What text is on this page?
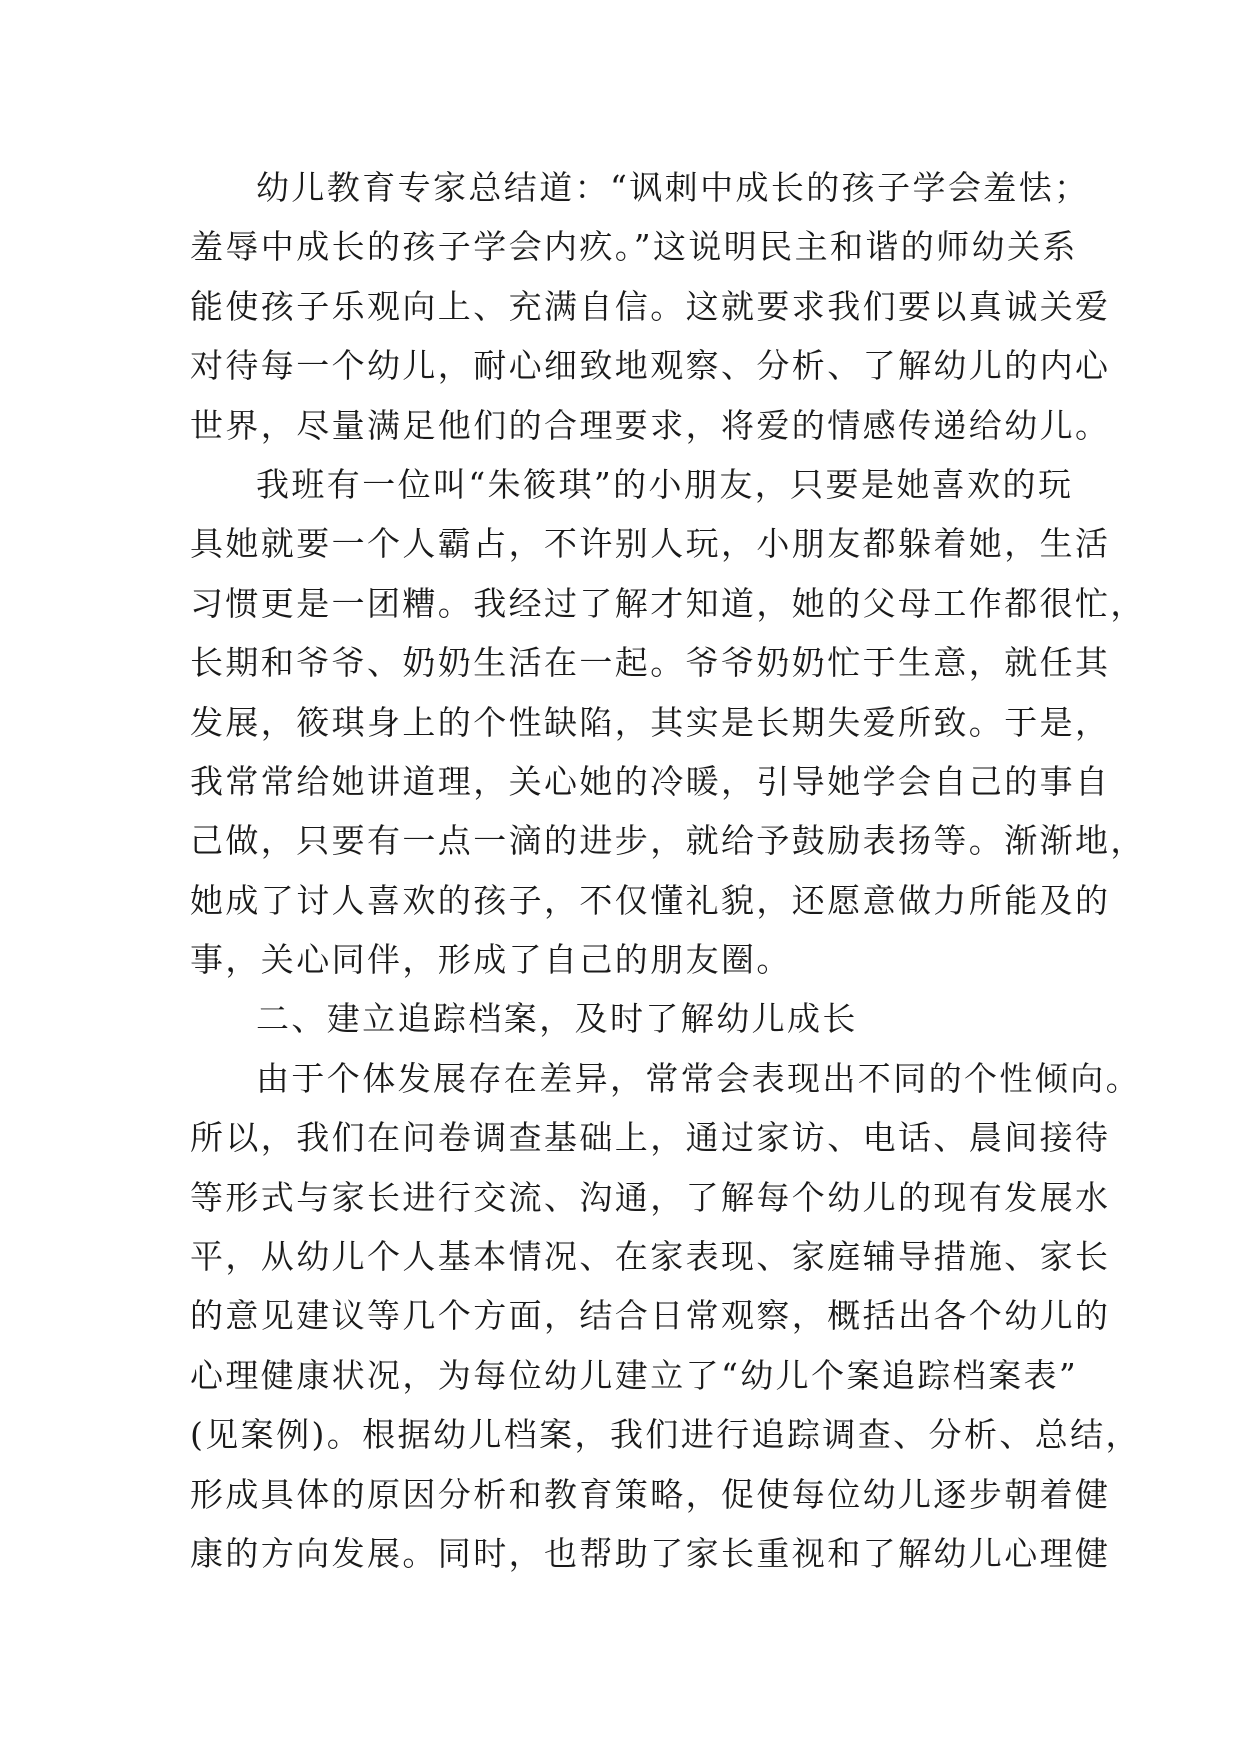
幼儿教育专家总结道：“讽刺中成长的孩子学会羞怯；
羞辱中成长的孩子学会内疚。”这说明民主和谐的师幼关系
能使孩子乐观向上、充满自信。这就要求我们要以真诚关爱
对待每一个幼儿，耐心细致地观察、分析、了解幼儿的内心
世界，尽量满足他们的合理要求，将爱的情感传递给幼儿。
我班有一位叫“朱筱琪”的小朋友，只要是她喜欢的玩
具她就要一个人霸占，不许别人玩，小朋友都躲着她，生活
习惯更是一团糟。我经过了解才知道，她的父母工作都很忙，
长期和爷爷、奶奶生活在一起。爷爷奶奶忙于生意，就任其
发展，筱琪身上的个性缺陷，其实是长期失爱所致。于是，
我常常给她讲道理，关心她的冷暖，引导她学会自己的事自
己做，只要有一点一滴的进步，就给予鼓励表扬等。渐渐地，
她成了讨人喜欢的孩子，不仅懂礼貌，还愿意做力所能及的
事，关心同伴，形成了自己的朋友圈。
二、建立追踪档案，及时了解幼儿成长
由于个体发展存在差异，常常会表现出不同的个性倾向。
所以，我们在问卷调查基础上，通过家访、电话、晨间接待
等形式与家长进行交流、沟通，了解每个幼儿的现有发展水
平，从幼儿个人基本情况、在家表现、家庭辅导措施、家长
的意见建议等几个方面，结合日常观察，概括出各个幼儿的
心理健康状况，为每位幼儿建立了“幼儿个案追踪档案表”
(见案例)。根据幼儿档案，我们进行追踪调查、分析、总结，
形成具体的原因分析和教育策略，促使每位幼儿逐步朝着健
康的方向发展。同时，也帮助了家长重视和了解幼儿心理健
